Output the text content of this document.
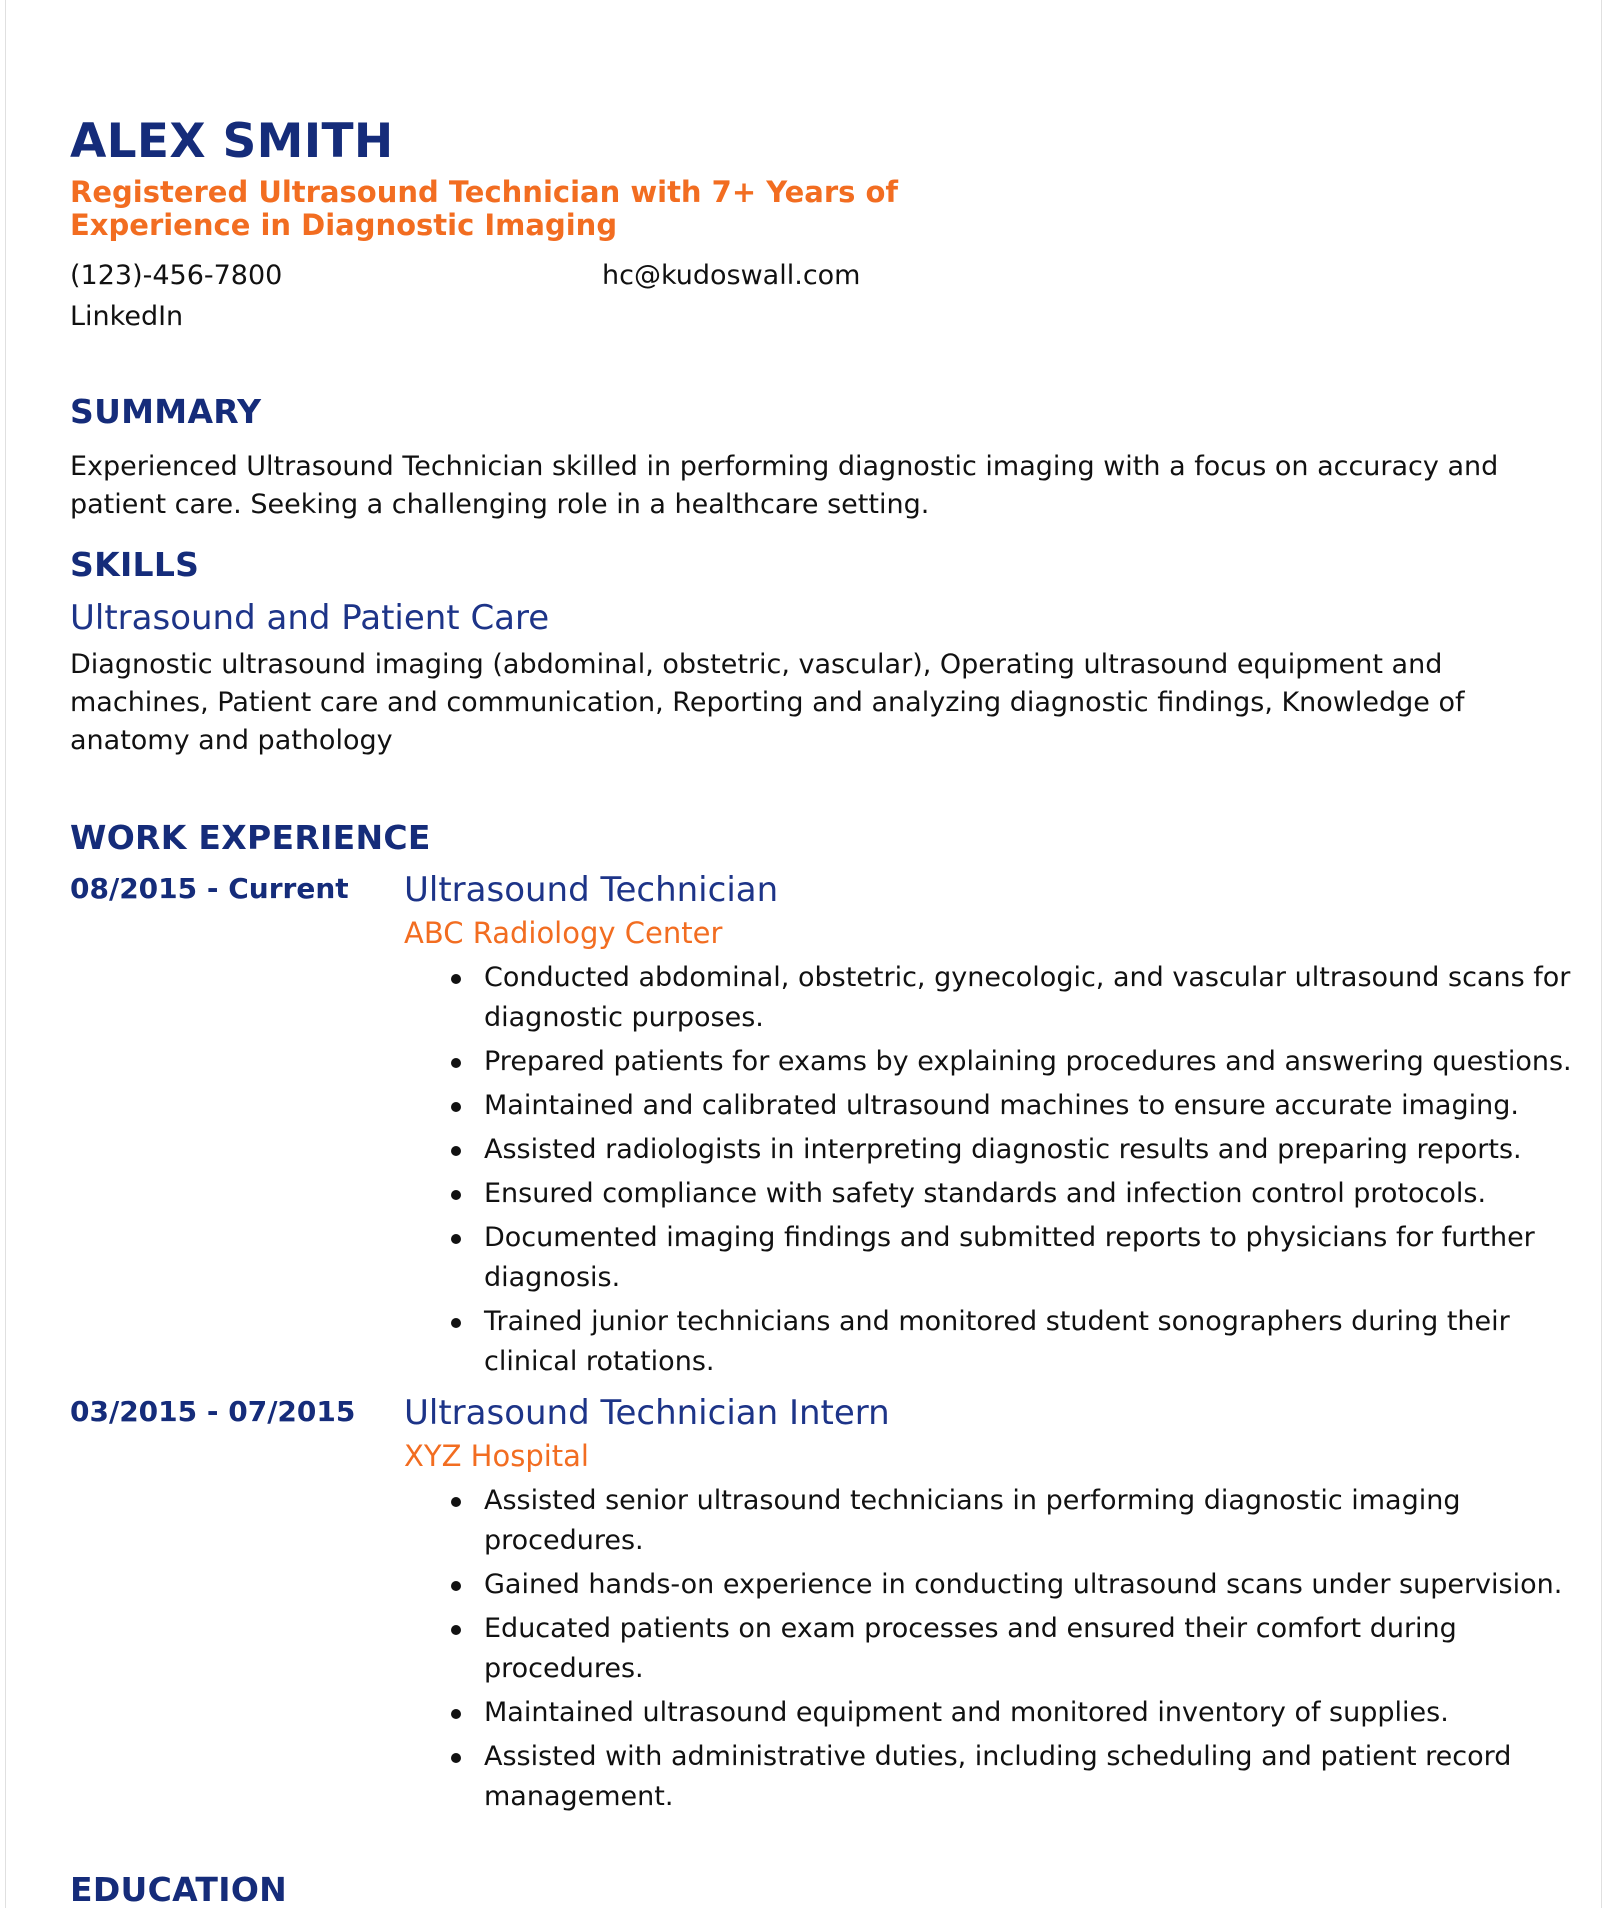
ALEX SMITH
Registered Ultrasound Technician with 7+ Years of Experience in Diagnostic Imaging
(123)-456-7800	hc@kudoswall.com
LinkedIn
SUMMARY
Experienced Ultrasound Technician skilled in performing diagnostic imaging with a focus on accuracy and patient care. Seeking a challenging role in a healthcare setting.
SKILLS
Ultrasound and Patient Care
Diagnostic ultrasound imaging (abdominal, obstetric, vascular), Operating ultrasound equipment and machines, Patient care and communication, Reporting and analyzing diagnostic findings, Knowledge of anatomy and pathology
WORK EXPERIENCE
08/2015 - Current Ultrasound Technician
ABC Radiology Center
Conducted abdominal, obstetric, gynecologic, and vascular ultrasound scans for diagnostic purposes.
Prepared patients for exams by explaining procedures and answering questions.
Maintained and calibrated ultrasound machines to ensure accurate imaging.
Assisted radiologists in interpreting diagnostic results and preparing reports.
Ensured compliance with safety standards and infection control protocols.
Documented imaging findings and submitted reports to physicians for further diagnosis.
Trained junior technicians and monitored student sonographers during their clinical rotations.
03/2015 - 07/2015 Ultrasound Technician Intern
XYZ Hospital
Assisted senior ultrasound technicians in performing diagnostic imaging procedures.
Gained hands-on experience in conducting ultrasound scans under supervision.
Educated patients on exam processes and ensured their comfort during procedures.
Maintained ultrasound equipment and monitored inventory of supplies.
Assisted with administrative duties, including scheduling and patient record management.
EDUCATION
